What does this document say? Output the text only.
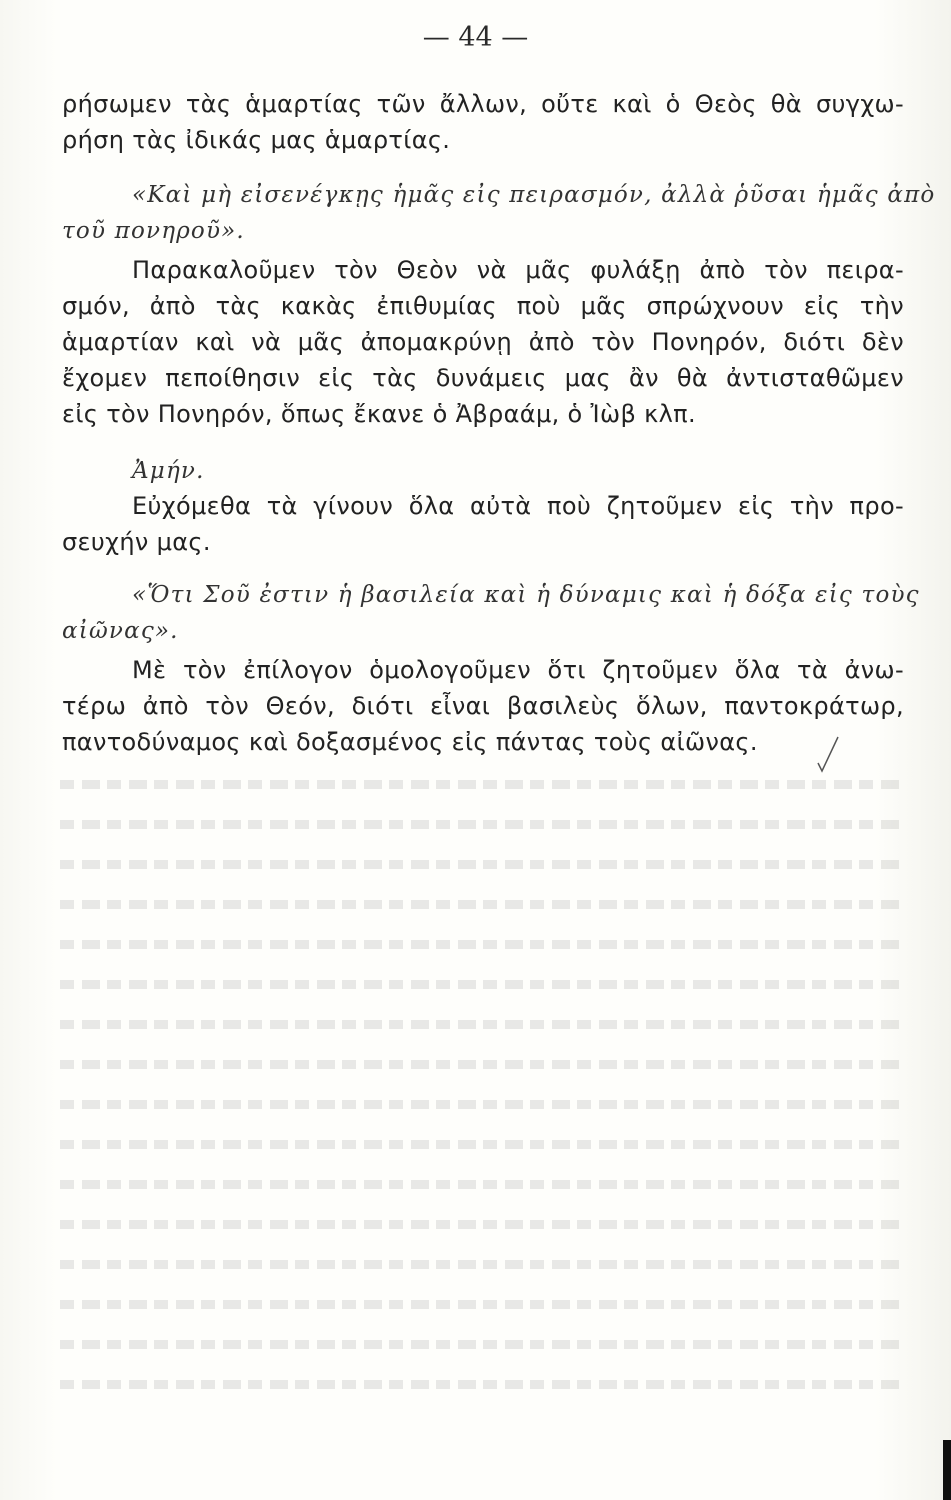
— 44 —
ρήσωμεν τὰς ἁμαρτίας τῶν ἄλλων, οὔτε καὶ ὁ Θεὸς θὰ συγχω-
ρήση τὰς ἰδικάς μας ἁμαρτίας.
«Καὶ μὴ εἰσενέγκῃς ἡμᾶς εἰς πειρασμόν, ἀλλὰ ῥῦσαι ἡμᾶς ἀπὸ
τοῦ πονηροῦ».
Παρακαλοῦμεν τὸν Θεὸν νὰ μᾶς φυλάξῃ ἀπὸ τὸν πειρα-
σμόν, ἀπὸ τὰς κακὰς ἐπιθυμίας ποὺ μᾶς σπρώχνουν εἰς τὴν
ἁμαρτίαν καὶ νὰ μᾶς ἀπομακρύνῃ ἀπὸ τὸν Πονηρόν, διότι δὲν
ἔχομεν πεποίθησιν εἰς τὰς δυνάμεις μας ἂν θὰ ἀντισταθῶμεν
εἰς τὸν Πονηρόν, ὅπως ἔκανε ὁ Ἀβραάμ, ὁ Ἰὼβ κλπ.
Ἀμήν.
Εὐχόμεθα τὰ γίνουν ὅλα αὐτὰ ποὺ ζητοῦμεν εἰς τὴν προ-
σευχήν μας.
«Ὅτι Σοῦ ἐστιν ἡ βασιλεία καὶ ἡ δύναμις καὶ ἡ δόξα εἰς τοὺς
αἰῶνας».
Μὲ τὸν ἐπίλογον ὁμολογοῦμεν ὅτι ζητοῦμεν ὅλα τὰ ἀνω-
τέρω ἀπὸ τὸν Θεόν, διότι εἶναι βασιλεὺς ὅλων, παντοκράτωρ,
παντοδύναμος καὶ δοξασμένος εἰς πάντας τοὺς αἰῶνας.
